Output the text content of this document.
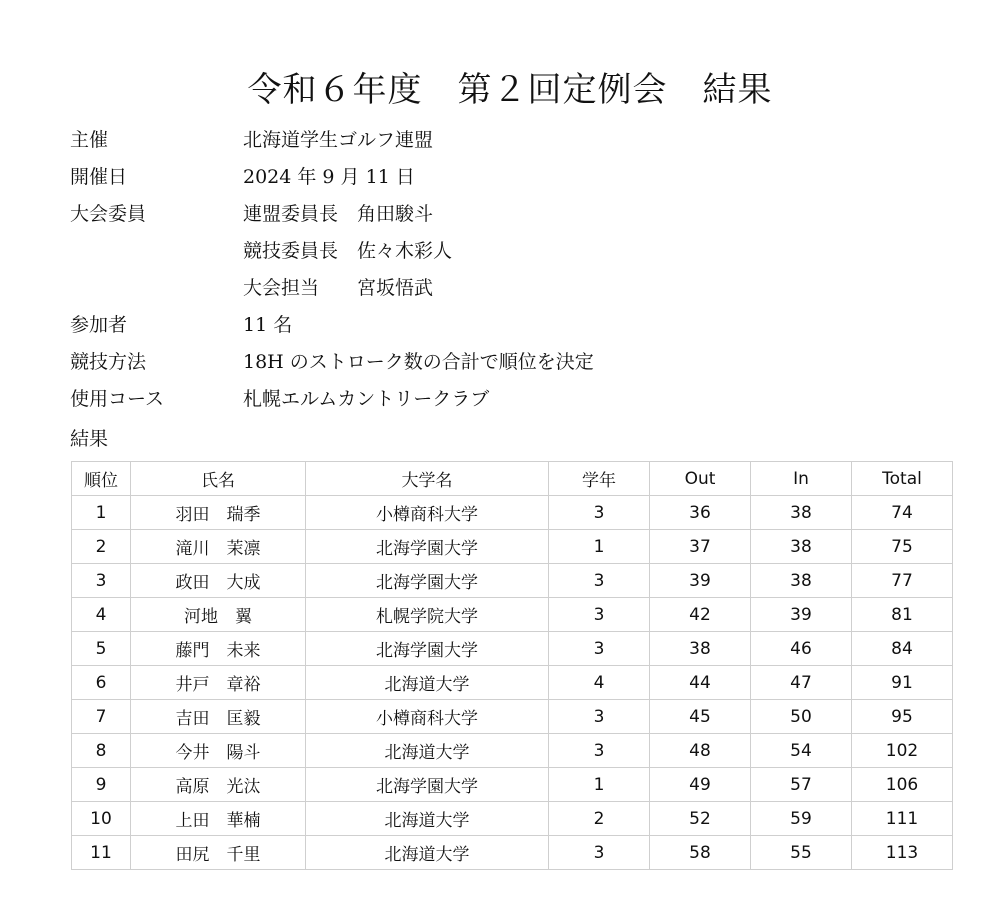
令和６年度　第２回定例会　結果
主催	北海道学生ゴルフ連盟
開催日	2024 年 9 月 11 日
大会委員	連盟委員長　角田駿斗
競技委員長　佐々木彩人
大会担当　　宮坂悟武
参加者	11 名
競技方法	18H のストローク数の合計で順位を決定
使用コース	札幌エルムカントリークラブ
結果
順位	氏名	大学名	学年	Out	In	Total
1	羽田　瑞季	小樽商科大学	3	36	38	74
2	滝川　茉凛	北海学園大学	1	37	38	75
3	政田　大成	北海学園大学	3	39	38	77
4	河地　翼	札幌学院大学	3	42	39	81
5	藤門　未来	北海学園大学	3	38	46	84
6	井戸　章裕	北海道大学	4	44	47	91
7	吉田　匡毅	小樽商科大学	3	45	50	95
8	今井　陽斗	北海道大学	3	48	54	102
9	高原　光汰	北海学園大学	1	49	57	106
10	上田　華楠	北海道大学	2	52	59	111
11	田尻　千里	北海道大学	3	58	55	113
